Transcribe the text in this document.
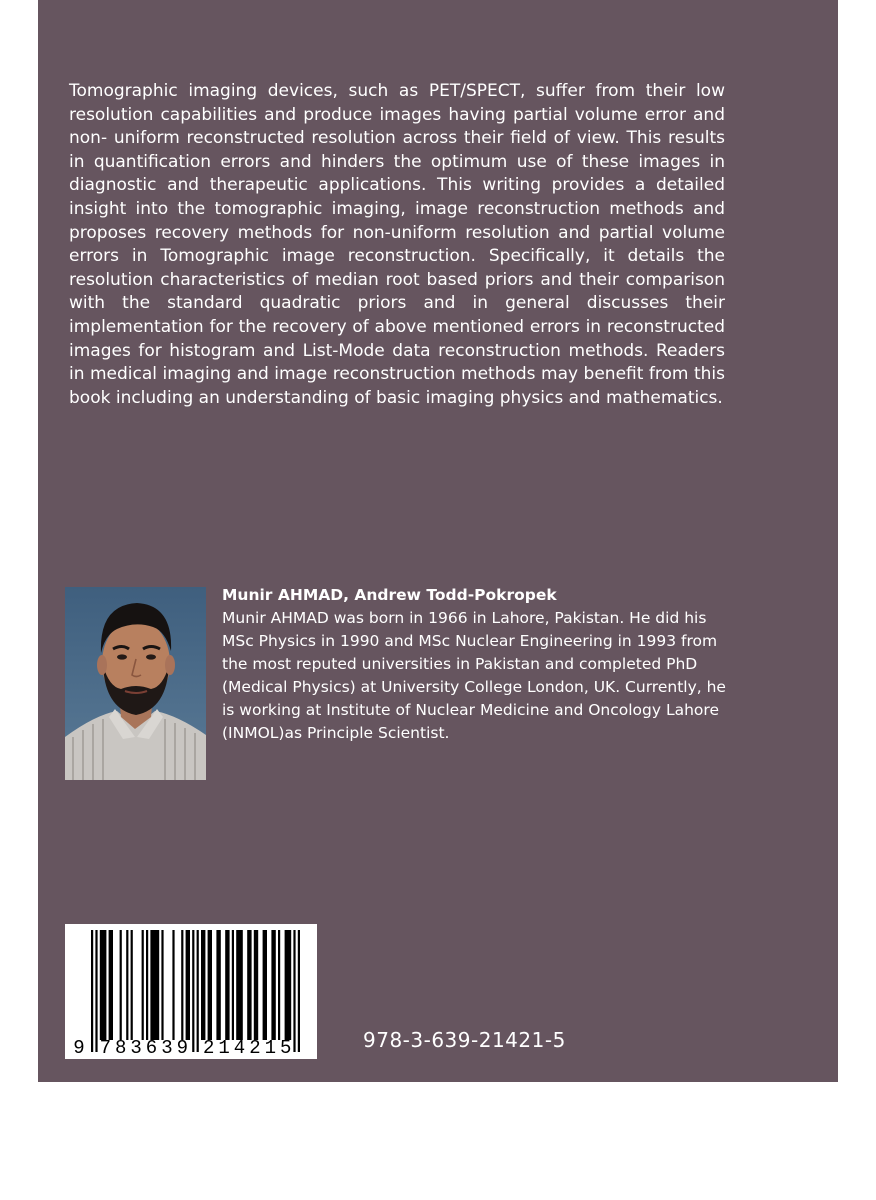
Tomographic imaging devices, such as PET/SPECT, suffer from their low resolution capabilities and produce images having partial volume error and non- uniform reconstructed resolution across their field of view. This results in quantification errors and hinders the optimum use of these images in diagnostic and therapeutic applications. This writing provides a detailed insight into the tomographic imaging, image reconstruction methods and proposes recovery methods for non-uniform resolution and partial volume errors in Tomographic image reconstruction. Specifically, it details the resolution characteristics of median root based priors and their comparison with the standard quadratic priors and in general discusses their implementation for the recovery of above mentioned errors in reconstructed images for histogram and List-Mode data reconstruction methods. Readers in medical imaging and image reconstruction methods may benefit from this book including an understanding of basic imaging physics and mathematics.

Munir AHMAD, Andrew Todd-Pokropek

Munir AHMAD was born in 1966 in Lahore, Pakistan. He did his MSc Physics in 1990 and MSc Nuclear Engineering in 1993 from the most reputed universities in Pakistan and completed PhD (Medical Physics) at University College London, UK. Currently, he is working at Institute of Nuclear Medicine and Oncology Lahore (INMOL)as Principle Scientist.

9 7 8 3 6 3 9 2 1 4 2 1 5	978-3-639-21421-5
